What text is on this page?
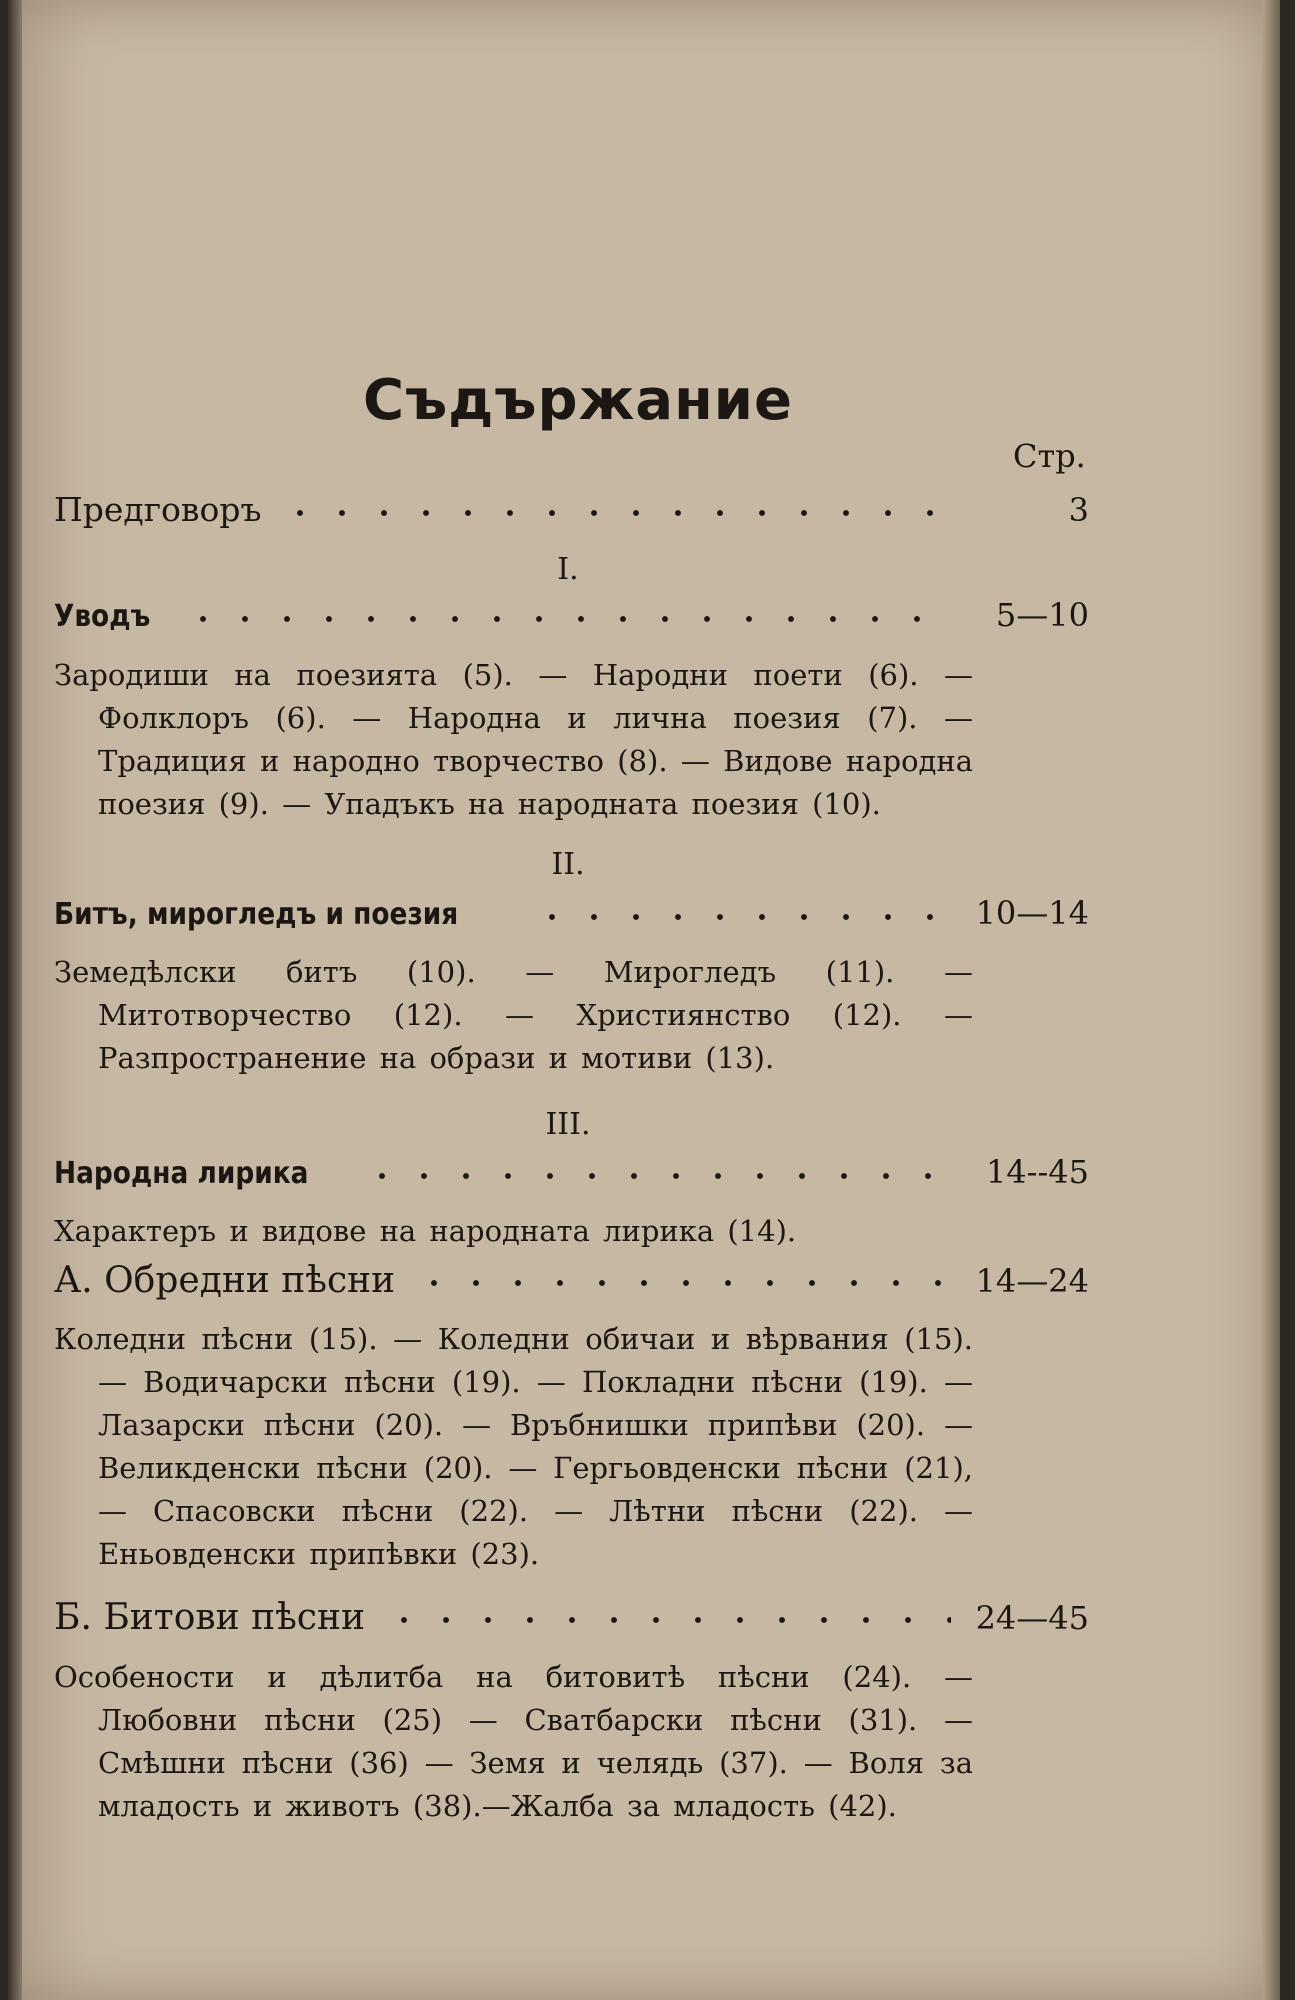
Съдържание
Стр.
Предговоръ	3
I.
Уводъ	5—10
Зародиши на поезията (5). — Народни поети (6). — Фолклоръ (6). — Народна и лична поезия (7). — Традиция и народно творчество (8). — Видове народна поезия (9). — Упадъкъ на народната поезия (10).
II.
Битъ, мирогледъ и поезия	10—14
Земедѣлски битъ (10). — Мирогледъ (11). — Митотворчество (12). — Християнство (12). — Разпространение на образи и мотиви (13).
III.
Народна лирика	14--45
Характеръ и видове на народната лирика (14).
А. Обредни пѣсни	14—24
Коледни пѣсни (15). — Коледни обичаи и вѣрвания (15). — Водичарски пѣсни (19). — Покладни пѣсни (19). — Лазарски пѣсни (20). — Връбнишки припѣви (20). — Великденски пѣсни (20). — Гергьовденски пѣсни (21), — Спасовски пѣсни (22). — Лѣтни пѣсни (22). — Еньовденски припѣвки (23).
Б. Битови пѣсни	24—45
Особености и дѣлитба на битовитѣ пѣсни (24). — Любовни пѣсни (25) — Сватбарски пѣсни (31). — Смѣшни пѣсни (36) — Земя и челядь (37). — Воля за младость и животъ (38).—Жалба за младость (42).
